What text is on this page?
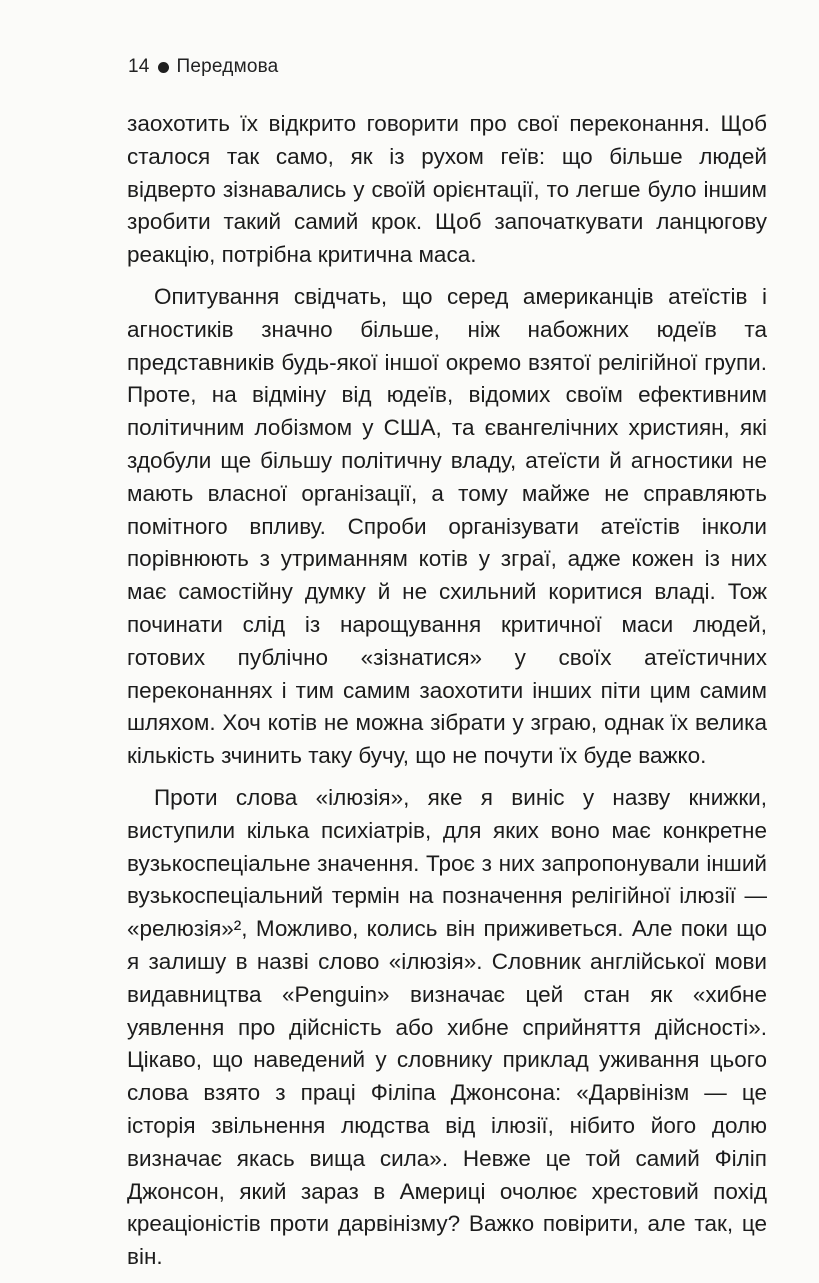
14 Передмова

заохотить їх відкрито говорити про свої переконання. Щоб сталося так само, як із рухом геїв: що більше людей відверто зізнавались у своїй орієнтації, то легше було іншим зробити такий самий крок. Щоб започаткувати ланцюгову реакцію, потрібна критична маса.

Опитування свідчать, що серед американців атеїстів і агностиків значно більше, ніж набожних юдеїв та представників будь-якої іншої окремо взятої релігійної групи. Проте, на відміну від юдеїв, відомих своїм ефективним політичним лобізмом у США, та євангелічних християн, які здобули ще більшу політичну владу, атеїсти й агностики не мають власної організації, а тому майже не справляють помітного впливу. Спроби організувати атеїстів інколи порівнюють з утриманням котів у зграї, адже кожен із них має самостійну думку й не схильний коритися владі. Тож починати слід із нарощування критичної маси людей, готових публічно «зізнатися» у своїх атеїстичних переконаннях і тим самим заохотити інших піти цим самим шляхом. Хоч котів не можна зібрати у зграю, однак їх велика кількість зчинить таку бучу, що не почути їх буде важко.

Проти слова «ілюзія», яке я виніс у назву книжки, виступили кілька психіатрів, для яких воно має конкретне вузькоспеціальне значення. Троє з них запропонували інший вузькоспеціальний термін на позначення релігійної ілюзії — «релюзія»², Можливо, колись він приживеться. Але поки що я залишу в назві слово «ілюзія». Словник англійської мови видавництва «Penguin» визначає цей стан як «хибне уявлення про дійсність або хибне сприйняття дійсності». Цікаво, що наведений у словнику приклад уживання цього слова взято з праці Філіпа Джонсона: «Дарвінізм — це історія звільнення людства від ілюзії, нібито його долю визначає якась вища сила». Невже це той самий Філіп Джонсон, який зараз в Америці очолює хрестовий похід креаціоністів проти дарвінізму? Важко повірити, але так, це він.
